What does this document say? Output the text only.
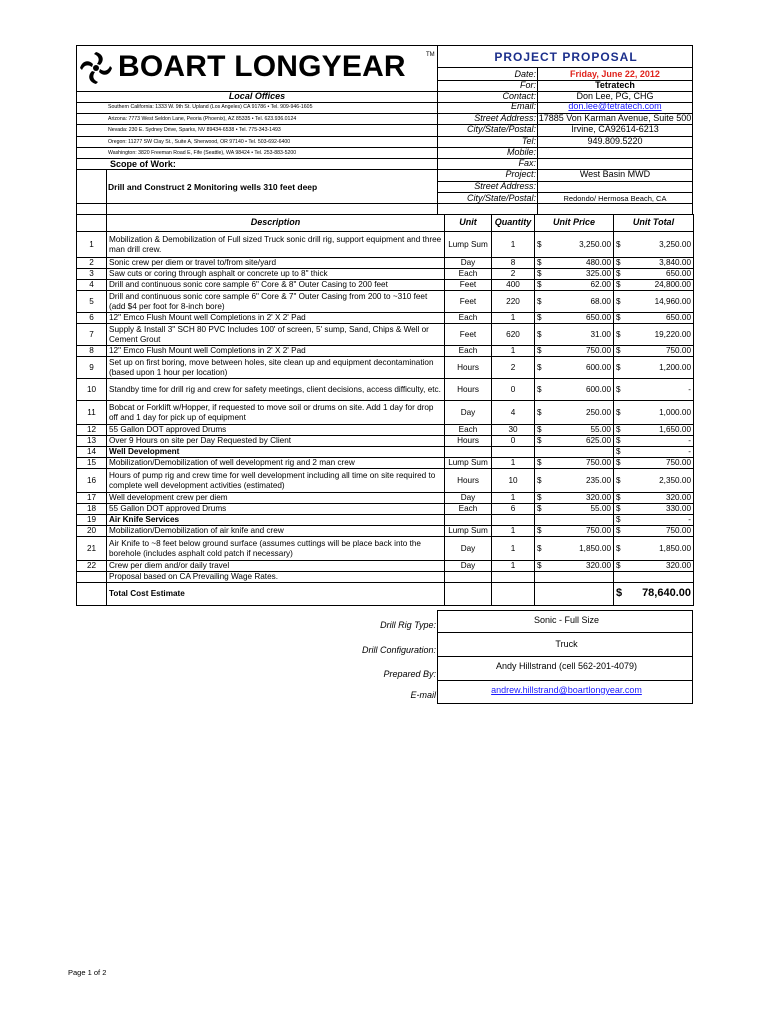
BOART LONGYEAR	TM	PROJECT PROPOSAL
Date:	Friday, June 22, 2012
For:	Tetratech
Contact:	Don Lee, PG, CHG
Email:	don.lee@tetratech.com
Street Address: 17885 Von Karman Avenue, Suite 500
City/State/Postal:	Irvine, CA92614-6213
Tel:	949.809.5220
Mobile:
Fax:
Project:	West Basin MWD
Street Address:
City/State/Postal:	Redondo/ Hermosa Beach, CA
Local Offices
Southern California: 1333 W. 9th St. Upland (Los Angeles) CA 91786 • Tel. 909-946-1605
Arizona: 7773 West Seldon Lane, Peoria (Phoenix), AZ 85335 • Tel. 623.936.0124
Nevada: 230 E. Sydney Drive, Sparks, NV 89434-6538 • Tel. 775-343-1493
Oregon: 11277 SW Clay St., Suite A, Sherwood, OR 97140 • Tel. 503-692-6400
Washington: 3820 Freeman Road E, Fife (Seattle), WA 98424 • Tel. 253-883-5200
Scope of Work:
Drill and Construct 2 Monitoring wells 310 feet deep
	Description	Unit	Quantity	Unit Price	Unit Total
1	Mobilization & Demobilization of Full sized Truck sonic drill rig, support equipment and three man drill crew.	Lump Sum	1	$ 3,250.00	$ 3,250.00

2	Sonic crew per diem or travel to/from site/yard	Day	8	$ 480.00	$ 3,840.00

3	Saw cuts or coring through asphalt or concrete up to 8" thick	Each	2	$ 325.00	$ 650.00

4	Drill and continuous sonic core sample 6" Core & 8" Outer Casing to 200 feet	Feet	400	$ 62.00	$ 24,800.00

5	Drill and continuous sonic core sample 6" Core & 7" Outer Casing from 200 to ~310 feet (add $4 per foot for 8-inch bore)	Feet	220	$ 68.00	$ 14,960.00

6	12" Emco Flush Mount well Completions in 2' X 2' Pad	Each	1	$ 650.00	$ 650.00

7	Supply & Install 3" SCH 80 PVC Includes 100' of screen, 5' sump, Sand, Chips & Well or Cement Grout	Feet	620	$ 31.00	$ 19,220.00

8	12" Emco Flush Mount well Completions in 2' X 2' Pad	Each	1	$ 750.00	$ 750.00

9	Set up on first boring, move between holes, site clean up and equipment decontamination (based upon 1 hour per location)	Hours	2	$ 600.00	$ 1,200.00

10	Standby time for drill rig and crew for safety meetings, client decisions, access difficulty, etc.	Hours	0	$ 600.00	$ -

11	Bobcat or Forklift w/Hopper, if requested to move soil or drums on site. Add 1 day for drop off and 1 day for pick up of equipment	Day	4	$ 250.00	$ 1,000.00

12	55 Gallon DOT approved Drums	Each	30	$ 55.00	$ 1,650.00

13	Over 9 Hours on site per Day Requested by Client	Hours	0	$ 625.00	$ -

14	Well Development				$ -

15	Mobilization/Demobilization of well development rig and 2 man crew	Lump Sum	1	$ 750.00	$ 750.00

16	Hours of pump rig and crew time for well development including all time on site required to complete well development activities (estimated)	Hours	10	$ 235.00	$ 2,350.00

17	Well development crew per diem	Day	1	$ 320.00	$ 320.00

18	55 Gallon DOT approved Drums	Each	6	$ 55.00	$ 330.00

19	Air Knife Services				$ -

20	Mobilization/Demobilization of air knife and crew	Lump Sum	1	$ 750.00	$ 750.00

21	Air Knife to ~8 feet below ground surface (assumes cuttings will be place back into the borehole (includes asphalt cold patch if necessary)	Day	1	$ 1,850.00	$ 1,850.00

22	Crew per diem and/or daily travel	Day	1	$ 320.00	$ 320.00

	Proposal based on CA Prevailing Wage Rates.				
	Total Cost Estimate				$ 78,640.00
Drill Rig Type:	Sonic - Full Size
Drill Configuration:
Truck
Prepared By:
Andy Hillstrand (cell 562-201-4079)
E-mail	andrew.hillstrand@boartlongyear.com
Page 1 of 2
